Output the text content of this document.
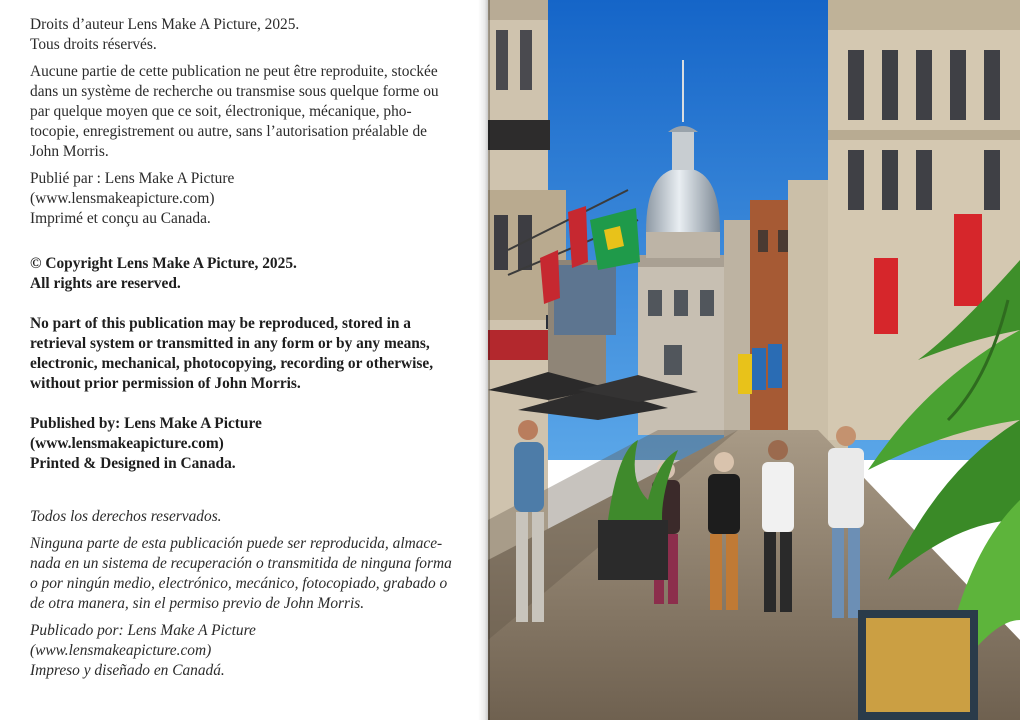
Droits d’auteur Lens Make A Picture, 2025.
Tous droits réservés.

Aucune partie de cette publication ne peut être reproduite, stockée
dans un système de recherche ou transmise sous quelque forme ou
par quelque moyen que ce soit, électronique, mécanique, pho-
tocopie, enregistrement ou autre, sans l’autorisation préalable de
John Morris.

Publié par : Lens Make A Picture
(www.lensmakeapicture.com)
Imprimé et conçu au Canada.

© Copyright Lens Make A Picture, 2025.
All rights are reserved.

No part of this publication may be reproduced, stored in a
retrieval system or transmitted in any form or by any means,
electronic, mechanical, photocopying, recording or otherwise,
without prior permission of John Morris.

Published by: Lens Make A Picture
(www.lensmakeapicture.com)
Printed & Designed in Canada.

Todos los derechos reservados.

Ninguna parte de esta publicación puede ser reproducida, almace-
nada en un sistema de recuperación o transmitida de ninguna forma
o por ningún medio, electrónico, mecánico, fotocopiado, grabado o
de otra manera, sin el permiso previo de John Morris.

Publicado por: Lens Make A Picture
(www.lensmakeapicture.com)
Impreso y diseñado en Canadá.
